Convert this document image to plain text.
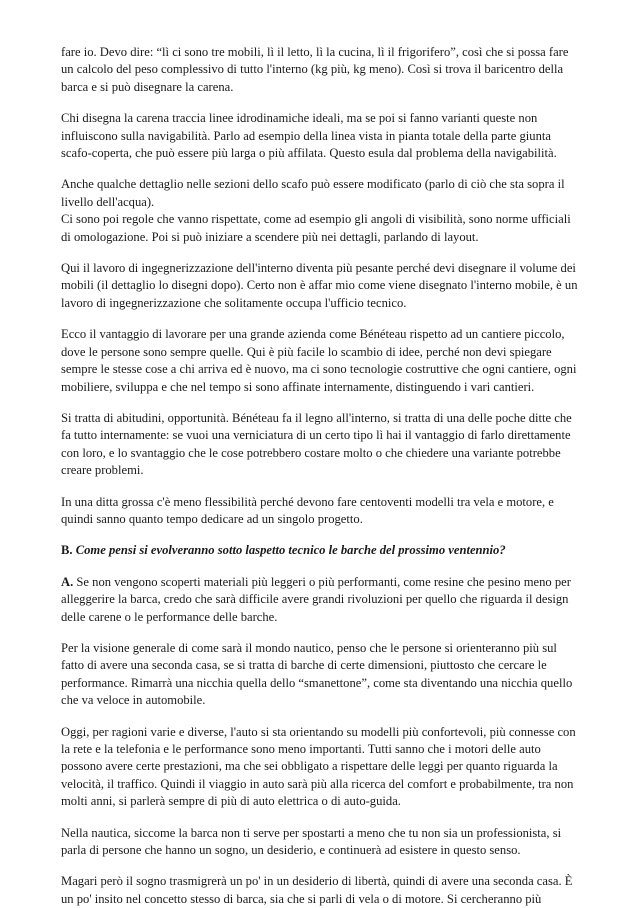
fare io. Devo dire: “lì ci sono tre mobili, lì il letto, lì la cucina, lì il frigorifero”, così che si possa fare un calcolo del peso complessivo di tutto l'interno (kg più, kg meno). Così si trova il baricentro della barca e si può disegnare la carena.

Chi disegna la carena traccia linee idrodinamiche ideali, ma se poi si fanno varianti queste non influiscono sulla navigabilità. Parlo ad esempio della linea vista in pianta totale della parte giunta scafo-coperta, che può essere più larga o più affilata. Questo esula dal problema della navigabilità.

Anche qualche dettaglio nelle sezioni dello scafo può essere modificato (parlo di ciò che sta sopra il livello dell'acqua).

Ci sono poi regole che vanno rispettate, come ad esempio gli angoli di visibilità, sono norme ufficiali di omologazione. Poi si può iniziare a scendere più nei dettagli, parlando di layout.

Qui il lavoro di ingegnerizzazione dell'interno diventa più pesante perché devi disegnare il volume dei mobili (il dettaglio lo disegni dopo). Certo non è affar mio come viene disegnato l'interno mobile, è un lavoro di ingegnerizzazione che solitamente occupa l'ufficio tecnico.

Ecco il vantaggio di lavorare per una grande azienda come Bénéteau rispetto ad un cantiere piccolo, dove le persone sono sempre quelle. Qui è più facile lo scambio di idee, perché non devi spiegare sempre le stesse cose a chi arriva ed è nuovo, ma ci sono tecnologie costruttive che ogni cantiere, ogni mobiliere, sviluppa e che nel tempo si sono affinate internamente, distinguendo i vari cantieri.

Si tratta di abitudini, opportunità. Bénéteau fa il legno all'interno, si tratta di una delle poche ditte che fa tutto internamente: se vuoi una verniciatura di un certo tipo lì hai il vantaggio di farlo direttamente con loro, e lo svantaggio che le cose potrebbero costare molto o che chiedere una variante potrebbe creare problemi.

In una ditta grossa c'è meno flessibilità perché devono fare centoventi modelli tra vela e motore, e quindi sanno quanto tempo dedicare ad un singolo progetto.

B. Come pensi si evolveranno sotto laspetto tecnico le barche del prossimo ventennio?

A. Se non vengono scoperti materiali più leggeri o più performanti, come resine che pesino meno per alleggerire la barca, credo che sarà difficile avere grandi rivoluzioni per quello che riguarda il design delle carene o le performance delle barche.

Per la visione generale di come sarà il mondo nautico, penso che le persone si orienteranno più sul fatto di avere una seconda casa, se si tratta di barche di certe dimensioni, piuttosto che cercare le performance. Rimarrà una nicchia quella dello “smanettone”, come sta diventando una nicchia quello che va veloce in automobile.

Oggi, per ragioni varie e diverse, l'auto si sta orientando su modelli più confortevoli, più connesse con la rete e la telefonia e le performance sono meno importanti. Tutti sanno che i motori delle auto possono avere certe prestazioni, ma che sei obbligato a rispettare delle leggi per quanto riguarda la velocità, il traffico. Quindi il viaggio in auto sarà più alla ricerca del comfort e probabilmente, tra non molti anni, si parlerà sempre di più di auto elettrica o di auto-guida.

Nella nautica, siccome la barca non ti serve per spostarti a meno che tu non sia un professionista, si parla di persone che hanno un sogno, un desiderio, e continuerà ad esistere in questo senso.

Magari però il sogno trasmigrerà un po' in un desiderio di libertà, quindi di avere una seconda casa. È un po' insito nel concetto stesso di barca, sia che si parli di vela o di motore. Si cercheranno più
